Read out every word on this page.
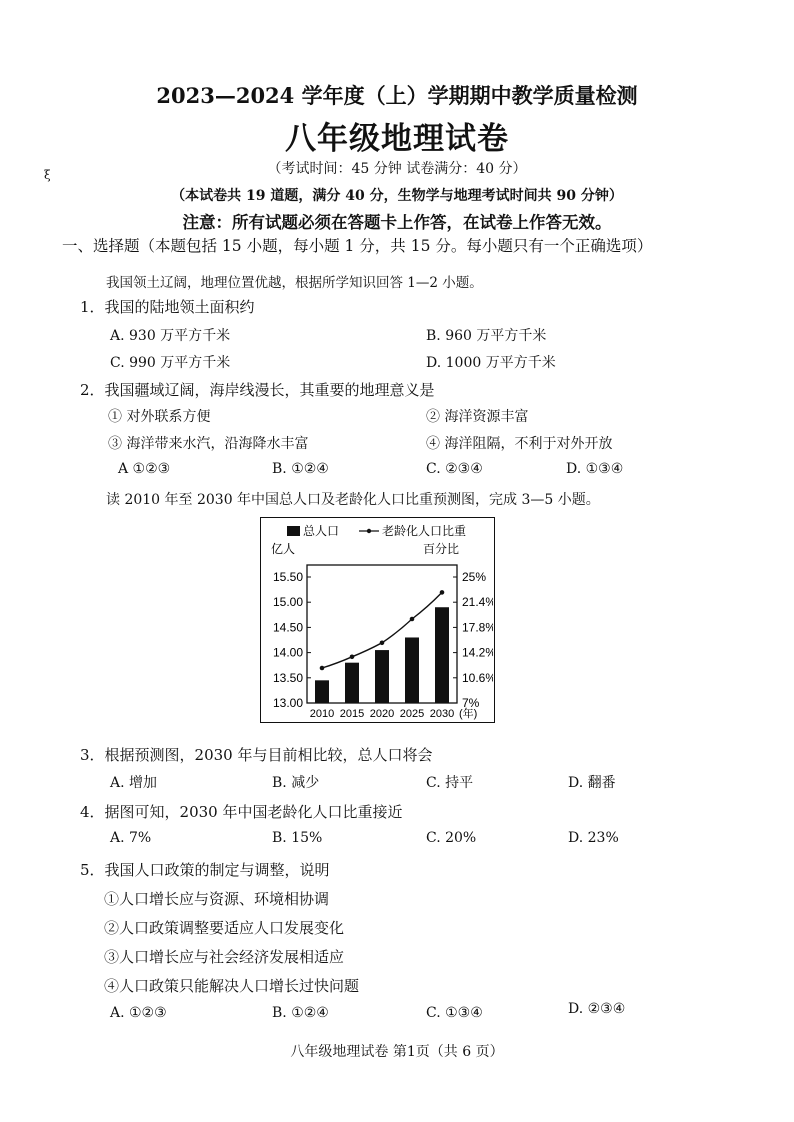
ξ
2023—2024 学年度（上）学期期中教学质量检测
八年级地理试卷
（考试时间：45 分钟 试卷满分：40 分）
（本试卷共 19 道题，满分 40 分，生物学与地理考试时间共 90 分钟）
注意：所有试题必须在答题卡上作答，在试卷上作答无效。
一、选择题（本题包括 15 小题，每小题 1 分，共 15 分。每小题只有一个正确选项）
我国领土辽阔，地理位置优越，根据所学知识回答 1—2 小题。
1．我国的陆地领土面积约
A. 930 万平方千米	B. 960 万平方千米
C. 990 万平方千米	D. 1000 万平方千米
2．我国疆域辽阔，海岸线漫长，其重要的地理意义是
① 对外联系方便	② 海洋资源丰富
③ 海洋带来水汽，沿海降水丰富	④ 海洋阻隔，不利于对外开放
A ①②③	B. ①②④	C. ②③④	D. ①③④
读 2010 年至 2030 年中国总人口及老龄化人口比重预测图，完成 3—5 小题。
总人口	老龄化人口比重
亿人	百分比
13.00
13.50
14.00
14.50
15.00
15.50
7%
10.6%
14.2%
17.8%
21.4%
25%
2010 2015 2020 2025 2030 (年)
3．根据预测图，2030 年与目前相比较，总人口将会
A. 增加	B. 减少	C. 持平	D. 翻番
4．据图可知，2030 年中国老龄化人口比重接近
A. 7%	B. 15%	C. 20%	D. 23%
5．我国人口政策的制定与调整，说明
①人口增长应与资源、环境相协调
②人口政策调整要适应人口发展变化
③人口增长应与社会经济发展相适应
④人口政策只能解决人口增长过快问题
A. ①②③	B. ①②④	C. ①③④	D. ②③④
八年级地理试卷 第1页（共 6 页）
